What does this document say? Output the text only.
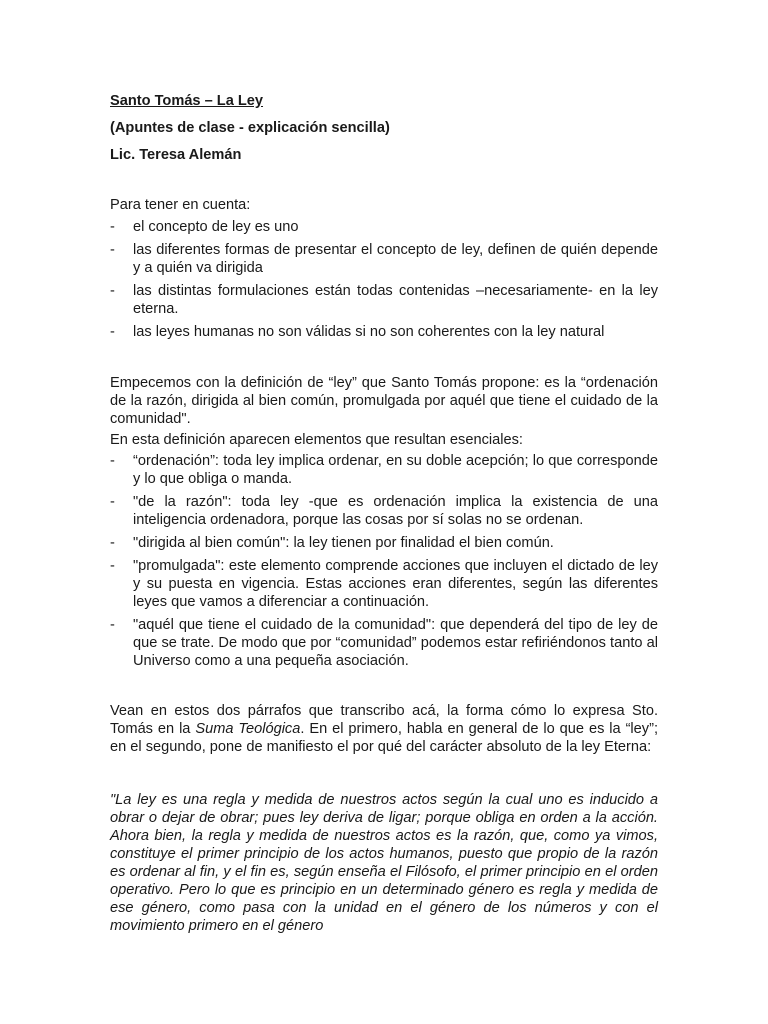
Santo Tomás – La Ley
(Apuntes de clase - explicación sencilla)
Lic. Teresa Alemán
Para tener en cuenta:
- el concepto de ley es uno
- las diferentes formas de presentar el concepto de ley, definen de quién depende y a quién va dirigida
- las distintas formulaciones están todas contenidas –necesariamente- en la ley eterna.
- las leyes humanas no son válidas si no son coherentes con la ley natural
Empecemos con la definición de “ley” que Santo Tomás propone: es la “ordenación de la razón, dirigida al bien común, promulgada por aquél que tiene el cuidado de la comunidad".
En esta definición aparecen elementos que resultan esenciales:
- “ordenación”: toda ley implica ordenar, en su doble acepción; lo que corresponde y lo que obliga o manda.
- "de la razón": toda ley -que es ordenación implica la existencia de una inteligencia ordenadora, porque las cosas por sí solas no se ordenan.
- "dirigida al bien común": la ley tienen por finalidad el bien común.
- "promulgada": este elemento comprende acciones que incluyen el dictado de ley y su puesta en vigencia. Estas acciones eran diferentes, según las diferentes leyes que vamos a diferenciar a continuación.
- "aquél que tiene el cuidado de la comunidad": que dependerá del tipo de ley de que se trate. De modo que por “comunidad” podemos estar refiriéndonos tanto al Universo como a una pequeña asociación.
Vean en estos dos párrafos que transcribo acá, la forma cómo lo expresa Sto. Tomás en la Suma Teológica. En el primero, habla en general de lo que es la “ley”; en el segundo, pone de manifiesto el por qué del carácter absoluto de la ley Eterna:
"La ley es una regla y medida de nuestros actos según la cual uno es inducido a obrar o dejar de obrar; pues ley deriva de ligar; porque obliga en orden a la acción. Ahora bien, la regla y medida de nuestros actos es la razón, que, como ya vimos, constituye el primer principio de los actos humanos, puesto que propio de la razón es ordenar al fin, y el fin es, según enseña el Filósofo, el primer principio en el orden operativo. Pero lo que es principio en un determinado género es regla y medida de ese género, como pasa con la unidad en el género de los números y con el movimiento primero en el género
